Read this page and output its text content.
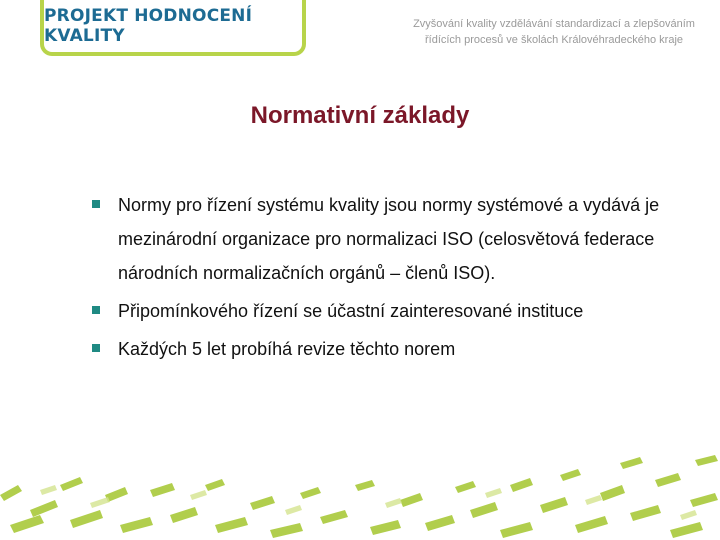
PROJEKT HODNOCENÍ KVALITY
Zvyšování kvality vzdělávání standardizací a zlepšováním
řídících procesů ve školách Královéhradeckého kraje
Normativní základy
Normy pro řízení systému kvality jsou normy systémové a vydává je mezinárodní organizace pro normalizaci ISO (celosvětová federace národních normalizačních orgánů – členů ISO).
Připomínkového řízení se účastní zainteresované instituce
Každých 5 let probíhá revize těchto norem
